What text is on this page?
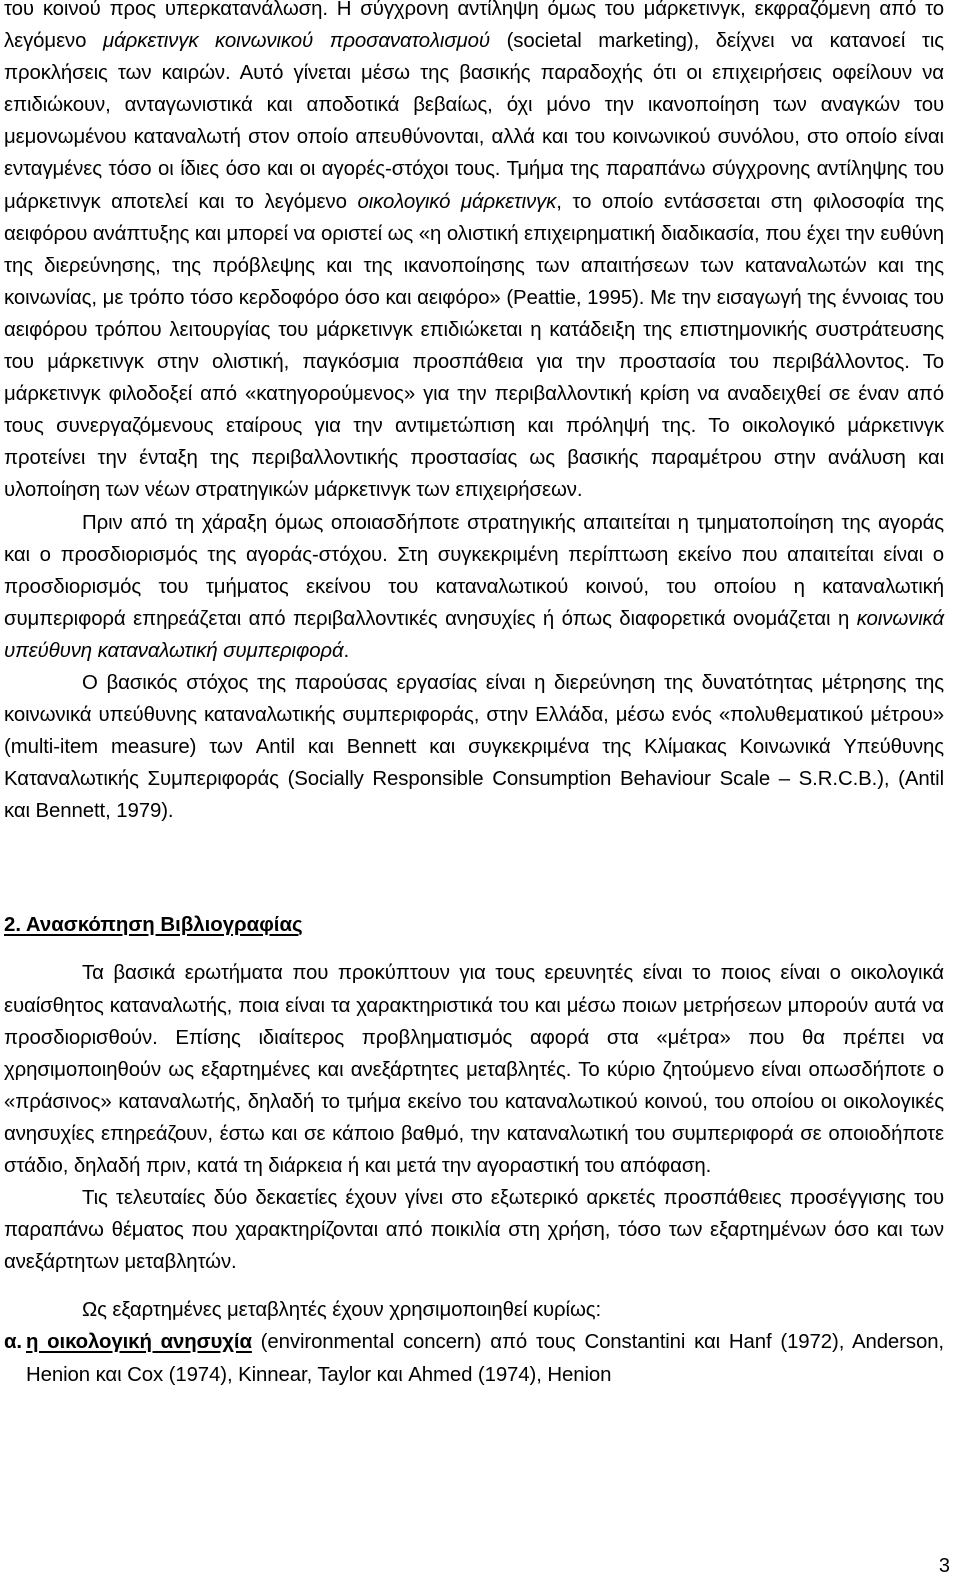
του κοινού προς υπερκατανάλωση. Η σύγχρονη αντίληψη όμως του μάρκετινγκ, εκφραζόμενη από το λεγόμενο μάρκετινγκ κοινωνικού προσανατολισμού (societal marketing), δείχνει να κατανοεί τις προκλήσεις των καιρών. Αυτό γίνεται μέσω της βασικής παραδοχής ότι οι επιχειρήσεις οφείλουν να επιδιώκουν, ανταγωνιστικά και αποδοτικά βεβαίως, όχι μόνο την ικανοποίηση των αναγκών του μεμονωμένου καταναλωτή στον οποίο απευθύνονται, αλλά και του κοινωνικού συνόλου, στο οποίο είναι ενταγμένες τόσο οι ίδιες όσο και οι αγορές-στόχοι τους. Τμήμα της παραπάνω σύγχρονης αντίληψης του μάρκετινγκ αποτελεί και το λεγόμενο οικολογικό μάρκετινγκ, το οποίο εντάσσεται στη φιλοσοφία της αειφόρου ανάπτυξης και μπορεί να οριστεί ως «η ολιστική επιχειρηματική διαδικασία, που έχει την ευθύνη της διερεύνησης, της πρόβλεψης και της ικανοποίησης των απαιτήσεων των καταναλωτών και της κοινωνίας, με τρόπο τόσο κερδοφόρο όσο και αειφόρο» (Peattie, 1995). Με την εισαγωγή της έννοιας του αειφόρου τρόπου λειτουργίας του μάρκετινγκ επιδιώκεται η κατάδειξη της επιστημονικής συστράτευσης του μάρκετινγκ στην ολιστική, παγκόσμια προσπάθεια για την προστασία του περιβάλλοντος. Το μάρκετινγκ φιλοδοξεί από «κατηγορούμενος» για την περιβαλλοντική κρίση να αναδειχθεί σε έναν από τους συνεργαζόμενους εταίρους για την αντιμετώπιση και πρόληψή της. Το οικολογικό μάρκετινγκ προτείνει την ένταξη της περιβαλλοντικής προστασίας ως βασικής παραμέτρου στην ανάλυση και υλοποίηση των νέων στρατηγικών μάρκετινγκ των επιχειρήσεων.

Πριν από τη χάραξη όμως οποιασδήποτε στρατηγικής απαιτείται η τμηματοποίηση της αγοράς και ο προσδιορισμός της αγοράς-στόχου. Στη συγκεκριμένη περίπτωση εκείνο που απαιτείται είναι ο προσδιορισμός του τμήματος εκείνου του καταναλωτικού κοινού, του οποίου η καταναλωτική συμπεριφορά επηρεάζεται από περιβαλλοντικές ανησυχίες ή όπως διαφορετικά ονομάζεται η κοινωνικά υπεύθυνη καταναλωτική συμπεριφορά.

Ο βασικός στόχος της παρούσας εργασίας είναι η διερεύνηση της δυνατότητας μέτρησης της κοινωνικά υπεύθυνης καταναλωτικής συμπεριφοράς, στην Ελλάδα, μέσω ενός «πολυθεματικού μέτρου» (multi-item measure) των Antil και Bennett και συγκεκριμένα της Κλίμακας Κοινωνικά Υπεύθυνης Καταναλωτικής Συμπεριφοράς (Socially Responsible Consumption Behaviour Scale – S.R.C.B.), (Antil και Bennett, 1979).

2. Ανασκόπηση Βιβλιογραφίας

Τα βασικά ερωτήματα που προκύπτουν για τους ερευνητές είναι το ποιος είναι ο οικολογικά ευαίσθητος καταναλωτής, ποια είναι τα χαρακτηριστικά του και μέσω ποιων μετρήσεων μπορούν αυτά να προσδιορισθούν. Επίσης ιδιαίτερος προβληματισμός αφορά στα «μέτρα» που θα πρέπει να χρησιμοποιηθούν ως εξαρτημένες και ανεξάρτητες μεταβλητές. Το κύριο ζητούμενο είναι οπωσδήποτε ο «πράσινος» καταναλωτής, δηλαδή το τμήμα εκείνο του καταναλωτικού κοινού, του οποίου οι οικολογικές ανησυχίες επηρεάζουν, έστω και σε κάποιο βαθμό, την καταναλωτική του συμπεριφορά σε οποιοδήποτε στάδιο, δηλαδή πριν, κατά τη διάρκεια ή και μετά την αγοραστική του απόφαση.

Τις τελευταίες δύο δεκαετίες έχουν γίνει στο εξωτερικό αρκετές προσπάθειες προσέγγισης του παραπάνω θέματος που χαρακτηρίζονται από ποικιλία στη χρήση, τόσο των εξαρτημένων όσο και των ανεξάρτητων μεταβλητών.

Ως εξαρτημένες μεταβλητές έχουν χρησιμοποιηθεί κυρίως:

α. η οικολογική ανησυχία (environmental concern) από τους Constantini και Hanf (1972), Anderson, Henion και Cox (1974), Kinnear, Taylor και Ahmed (1974), Henion
3
